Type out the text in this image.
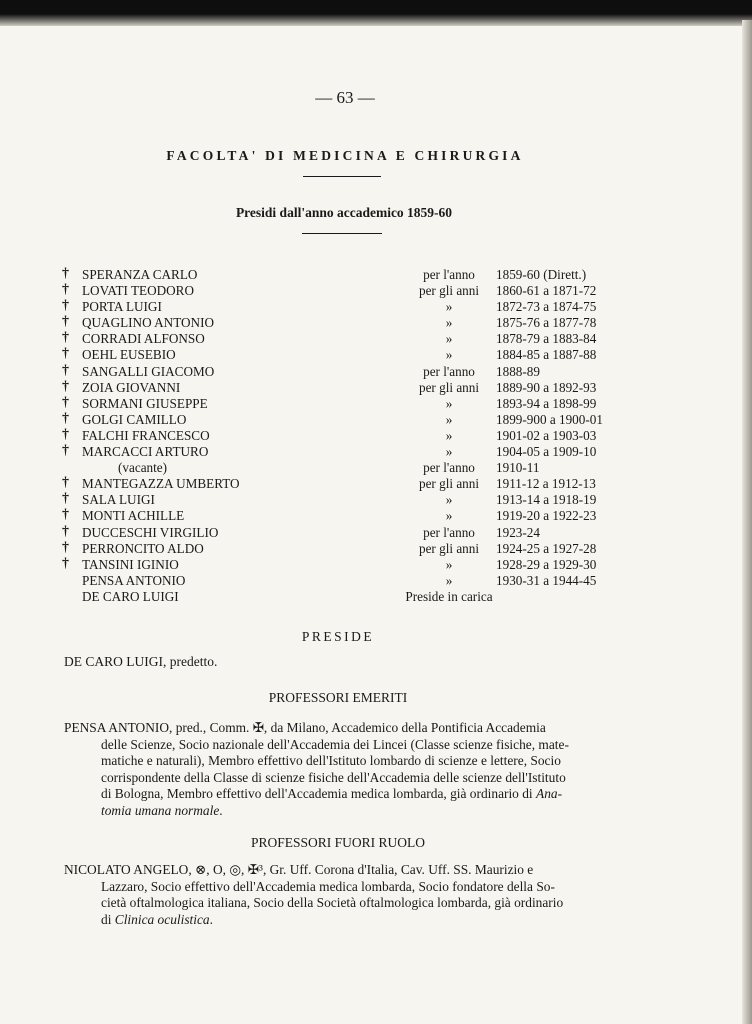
— 63 —
FACOLTA' DI MEDICINA E CHIRURGIA
Presidi dall'anno accademico 1859-60
† SPERANZA CARLO	per l'anno	1859-60 (Dirett.)
† LOVATI TEODORO	per gli anni	1860-61 a 1871-72
† PORTA LUIGI	»	1872-73 a 1874-75
† QUAGLINO ANTONIO	»	1875-76 a 1877-78
† CORRADI ALFONSO	»	1878-79 a 1883-84
† OEHL EUSEBIO	»	1884-85 a 1887-88
† SANGALLI GIACOMO	per l'anno	1888-89
† ZOIA GIOVANNI	per gli anni	1889-90 a 1892-93
† SORMANI GIUSEPPE	»	1893-94 a 1898-99
† GOLGI CAMILLO	»	1899-900 a 1900-01
† FALCHI FRANCESCO	»	1901-02 a 1903-03
† MARCACCI ARTURO	»	1904-05 a 1909-10
(vacante)	per l'anno	1910-11
† MANTEGAZZA UMBERTO	per gli anni	1911-12 a 1912-13
† SALA LUIGI	»	1913-14 a 1918-19
† MONTI ACHILLE	»	1919-20 a 1922-23
† DUCCESCHI VIRGILIO	per l'anno	1923-24
† PERRONCITO ALDO	per gli anni	1924-25 a 1927-28
† TANSINI IGINIO	»	1928-29 a 1929-30
PENSA ANTONIO	»	1930-31 a 1944-45
DE CARO LUIGI	Preside in carica
PRESIDE
DE CARO LUIGI, predetto.
PROFESSORI EMERITI
PENSA ANTONIO, pred., Comm. ✠, da Milano, Accademico della Pontificia Accademia
delle Scienze, Socio nazionale dell'Accademia dei Lincei (Classe scienze fisiche, mate-
matiche e naturali), Membro effettivo dell'Istituto lombardo di scienze e lettere, Socio
corrispondente della Classe di scienze fisiche dell'Accademia delle scienze dell'Istituto
di Bologna, Membro effettivo dell'Accademia medica lombarda, già ordinario di Ana-
tomia umana normale.
PROFESSORI FUORI RUOLO
NICOLATO ANGELO, ⊗, O, ◎, ✠³, Gr. Uff. Corona d'Italia, Cav. Uff. SS. Maurizio e
Lazzaro, Socio effettivo dell'Accademia medica lombarda, Socio fondatore della So-
cietà oftalmologica italiana, Socio della Società oftalmologica lombarda, già ordinario
di Clinica oculistica.
